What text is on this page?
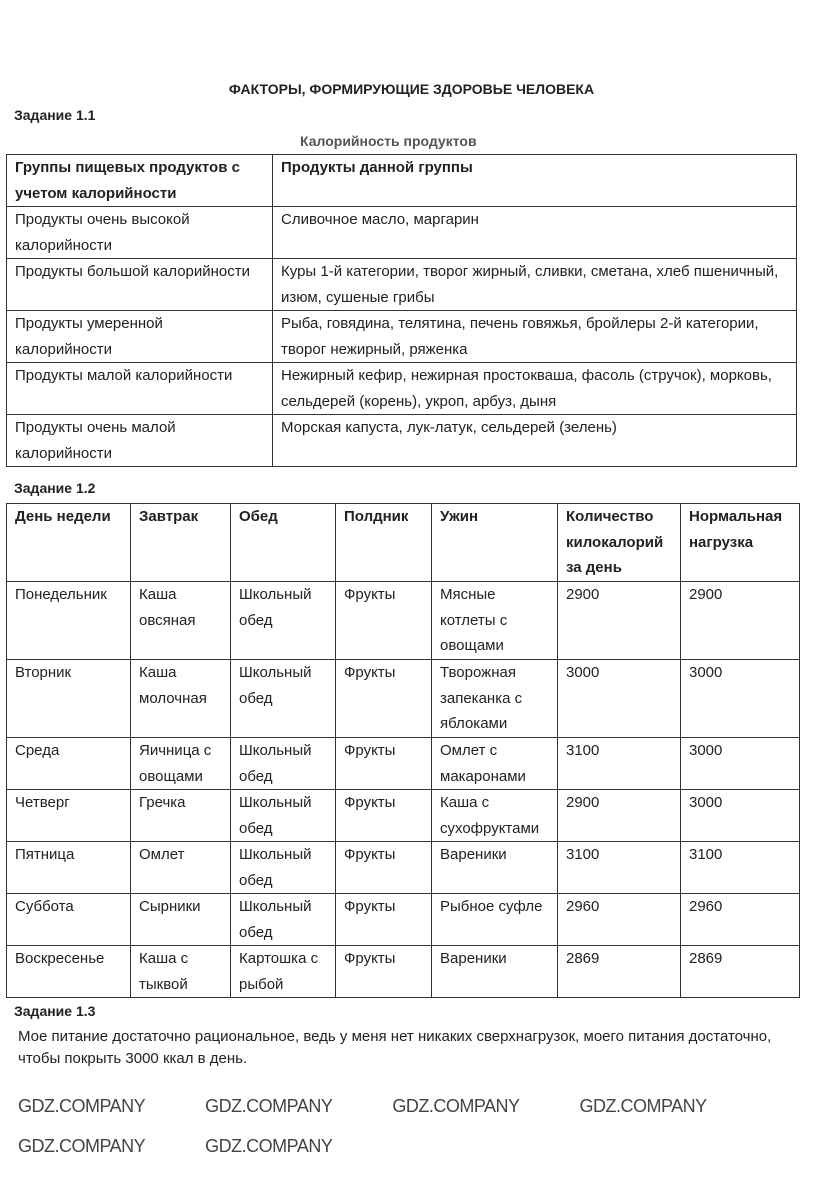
ФАКТОРЫ, ФОРМИРУЮЩИЕ ЗДОРОВЬЕ ЧЕЛОВЕКА
Задание 1.1
Калорийность продуктов
Группы пищевых продуктов с учетом калорийности	Продукты данной группы
Продукты очень высокой калорийности	Сливочное масло, маргарин
Продукты большой калорийности	Куры 1-й категории, творог жирный, сливки, сметана, хлеб пшеничный, изюм, сушеные грибы
Продукты умеренной калорийности	Рыба, говядина, телятина, печень говяжья, бройлеры 2-й категории, творог нежирный, ряженка
Продукты малой калорийности	Нежирный кефир, нежирная простокваша, фасоль (стручок), морковь, сельдерей (корень), укроп, арбуз, дыня
Продукты очень малой калорийности	Морская капуста, лук-латук, сельдерей (зелень)
Задание 1.2
День недели	Завтрак	Обед	Полдник	Ужин	Количество килокалорий за день	Нормальная нагрузка
Понедельник	Каша овсяная	Школьный обед	Фрукты	Мясные котлеты с овощами	2900	2900
Вторник	Каша молочная	Школьный обед	Фрукты	Творожная запеканка с яблоками	3000	3000
Среда	Яичница с овощами	Школьный обед	Фрукты	Омлет с макаронами	3100	3000
Четверг	Гречка	Школьный обед	Фрукты	Каша с сухофруктами	2900	3000
Пятница	Омлет	Школьный обед	Фрукты	Вареники	3100	3100
Суббота	Сырники	Школьный обед	Фрукты	Рыбное суфле	2960	2960
Воскресенье	Каша с тыквой	Картошка с рыбой	Фрукты	Вареники	2869	2869
Задание 1.3
Мое питание достаточно рациональное, ведь у меня нет никаких сверхнагрузок, моего питания достаточно, чтобы покрыть 3000 ккал в день.
GDZ.COMPANY	GDZ.COMPANY	GDZ.COMPANY	GDZ.COMPANYGDZ.COMPANY	GDZ.COMPANY
